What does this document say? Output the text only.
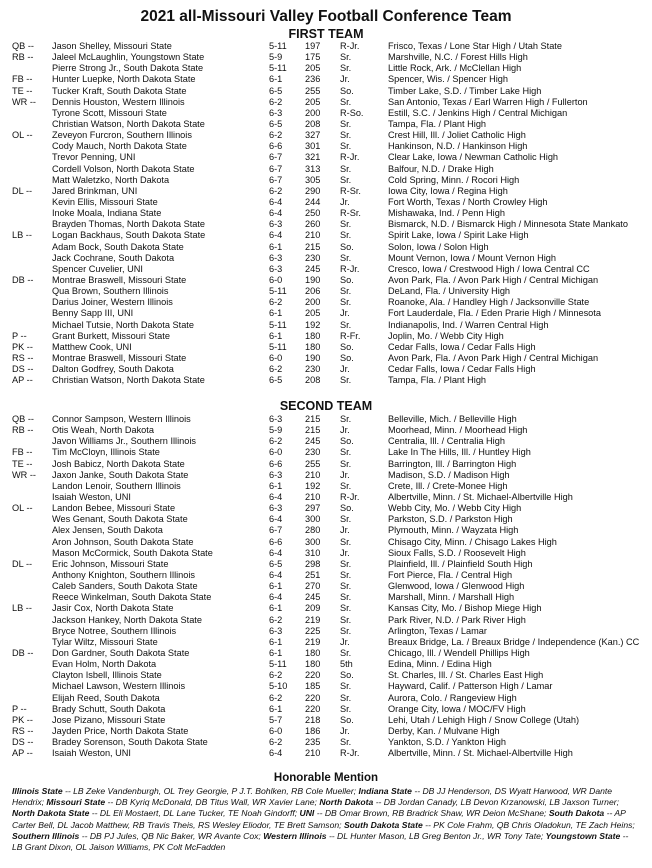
2021 all-Missouri Valley Football Conference Team
FIRST TEAM
QB --	Jason Shelley, Missouri State	5-11	197	R-Jr.	Frisco, Texas / Lone Star High / Utah State
RB --	Jaleel McLaughlin, Youngstown State	5-9	175	Sr.	Marshville, N.C. / Forest Hills High
Pierre Strong Jr., South Dakota State	5-11	205	Sr.	Little Rock, Ark. / McClellan High
FB --	Hunter Luepke, North Dakota State	6-1	236	Jr.	Spencer, Wis. / Spencer High
TE --	Tucker Kraft, South Dakota State	6-5	255	So.	Timber Lake, S.D. / Timber Lake High
WR --	Dennis Houston, Western Illinois	6-2	205	Sr.	San Antonio, Texas / Earl Warren High / Fullerton
Tyrone Scott, Missouri State	6-3	200	R-So.	Estill, S.C. / Jenkins High / Central Michigan
Christian Watson, North Dakota State	6-5	208	Sr.	Tampa, Fla. / Plant High
OL --	Zeveyon Furcron, Southern Illinois	6-2	327	Sr.	Crest Hill, Ill. / Joliet Catholic High
Cody Mauch, North Dakota State	6-6	301	Sr.	Hankinson, N.D. / Hankinson High
Trevor Penning, UNI	6-7	321	R-Jr.	Clear Lake, Iowa / Newman Catholic High
Cordell Volson, North Dakota State	6-7	313	Sr.	Balfour, N.D. / Drake High
Matt Waletzko, North Dakota	6-7	305	Sr.	Cold Spring, Minn. / Rocori High
DL --	Jared Brinkman, UNI	6-2	290	R-Sr.	Iowa City, Iowa / Regina High
Kevin Ellis, Missouri State	6-4	244	Jr.	Fort Worth, Texas / North Crowley High
Inoke Moala, Indiana State	6-4	250	R-Sr.	Mishawaka, Ind. / Penn High
Brayden Thomas, North Dakota State	6-3	260	Sr.	Bismarck, N.D. / Bismarck High / Minnesota State Mankato
LB --	Logan Backhaus, South Dakota State	6-4	210	Sr.	Spirit Lake, Iowa / Spirit Lake High
Adam Bock, South Dakota State	6-1	215	So.	Solon, Iowa / Solon High
Jack Cochrane, South Dakota	6-3	230	Sr.	Mount Vernon, Iowa / Mount Vernon High
Spencer Cuvelier, UNI	6-3	245	R-Jr.	Cresco, Iowa / Crestwood High / Iowa Central CC
DB --	Montrae Braswell, Missouri State	6-0	190	So.	Avon Park, Fla. / Avon Park High / Central Michigan
Qua Brown, Southern Illinois	5-11	206	Sr.	DeLand, Fla. / University High
Darius Joiner, Western Illinois	6-2	200	Sr.	Roanoke, Ala. / Handley High / Jacksonville State
Benny Sapp III, UNI	6-1	205	Jr.	Fort Lauderdale, Fla. / Eden Prarie High / Minnesota
Michael Tutsie, North Dakota State	5-11	192	Sr.	Indianapolis, Ind. / Warren Central High
P --	Grant Burkett, Missouri State	6-1	180	R-Fr.	Joplin, Mo. / Webb City High
PK --	Matthew Cook, UNI	5-11	180	So.	Cedar Falls, Iowa / Cedar Falls High
RS --	Montrae Braswell, Missouri State	6-0	190	So.	Avon Park, Fla. / Avon Park High / Central Michigan
DS --	Dalton Godfrey, South Dakota	6-2	230	Jr.	Cedar Falls, Iowa / Cedar Falls High
AP --	Christian Watson, North Dakota State	6-5	208	Sr.	Tampa, Fla. / Plant High
SECOND TEAM
QB --	Connor Sampson, Western Illinois	6-3	215	Sr.	Belleville, Mich. / Belleville High
RB --	Otis Weah, North Dakota	5-9	215	Jr.	Moorhead, Minn. / Moorhead High
Javon Williams Jr., Southern Illinois	6-2	245	So.	Centralia, Ill. / Centralia High
FB --	Tim McCloyn, Illinois State	6-0	230	Sr.	Lake In The Hills, Ill. / Huntley High
TE --	Josh Babicz, North Dakota State	6-6	255	Sr.	Barrington, Ill. / Barrington High
WR --	Jaxon Janke, South Dakota State	6-3	210	Jr.	Madison, S.D. / Madison High
Landon Lenoir, Southern Illinois	6-1	192	Sr.	Crete, Ill. / Crete-Monee High
Isaiah Weston, UNI	6-4	210	R-Jr.	Albertville, Minn. / St. Michael-Albertville High
OL --	Landon Bebee, Missouri State	6-3	297	So.	Webb City, Mo. / Webb City High
Wes Genant, South Dakota State	6-4	300	Sr.	Parkston, S.D. / Parkston High
Alex Jensen, South Dakota	6-7	280	Jr.	Plymouth, Minn. / Wayzata High
Aron Johnson, South Dakota State	6-6	300	Sr.	Chisago City, Minn. / Chisago Lakes High
Mason McCormick, South Dakota State	6-4	310	Jr.	Sioux Falls, S.D. / Roosevelt High
DL --	Eric Johnson, Missouri State	6-5	298	Sr.	Plainfield, Ill. / Plainfield South High
Anthony Knighton, Southern Illinois	6-4	251	Sr.	Fort Pierce, Fla. / Central High
Caleb Sanders, South Dakota State	6-1	270	Sr.	Glenwood, Iowa / Glenwood High
Reece Winkelman, South Dakota State	6-4	245	Sr.	Marshall, Minn. / Marshall High
LB --	Jasir Cox, North Dakota State	6-1	209	Sr.	Kansas City, Mo. / Bishop Miege High
Jackson Hankey, North Dakota State	6-2	219	Sr.	Park River, N.D. / Park River High
Bryce Notree, Southern Illinois	6-3	225	Sr.	Arlington, Texas / Lamar
Tylar Wiltz, Missouri State	6-1	219	Jr.	Breaux Bridge, La. / Breaux Bridge / Independence (Kan.) CC
DB --	Don Gardner, South Dakota State	6-1	180	Sr.	Chicago, Ill. / Wendell Phillips High
Evan Holm, North Dakota	5-11	180	5th	Edina, Minn. / Edina High
Clayton Isbell, Illinois State	6-2	220	So.	St. Charles, Ill. / St. Charles East High
Michael Lawson, Western Illinois	5-10	185	Sr.	Hayward, Calif. / Patterson High / Lamar
Elijah Reed, South Dakota	6-2	220	Sr.	Aurora, Colo. / Rangeview High
P --	Brady Schutt, South Dakota	6-1	220	Sr.	Orange City, Iowa / MOC/FV High
PK --	Jose Pizano, Missouri State	5-7	218	So.	Lehi, Utah / Lehigh High / Snow College (Utah)
RS --	Jayden Price, North Dakota State	6-0	186	Jr.	Derby, Kan. / Mulvane High
DS --	Bradey Sorenson, South Dakota State	6-2	235	Sr.	Yankton, S.D. / Yankton High
AP --	Isaiah Weston, UNI	6-4	210	R-Jr.	Albertville, Minn. / St. Michael-Albertville High
Honorable Mention
Illinois State -- LB Zeke Vandenburgh, OL Trey Georgie, P J.T. Bohlken, RB Cole Mueller; Indiana State -- DB JJ Henderson, DS Wyatt Harwood, WR Dante Hendrix; Missouri State -- DB Kyriq McDonald, DB Titus Wall, WR Xavier Lane; North Dakota -- DB Jordan Canady, LB Devon Krzanowski, LB Jaxson Turner; North Dakota State -- DL Eli Mostaert, DL Lane Tucker, TE Noah Gindorff; UNI -- DB Omar Brown, RB Bradrick Shaw, WR Deion McShane; South Dakota -- AP Carter Bell, DL Jacob Matthew, RB Travis Theis, RS Wesley Eliodor, TE Brett Samson; South Dakota State -- PK Cole Frahm, QB Chris Oladokun, TE Zach Heins; Southern Illinois -- DB PJ Jules, QB Nic Baker, WR Avante Cox; Western Illinois -- DL Hunter Mason, LB Greg Benton Jr., WR Tony Tate; Youngstown State -- LB Grant Dixon, OL Jaison Williams, PK Colt McFadden
